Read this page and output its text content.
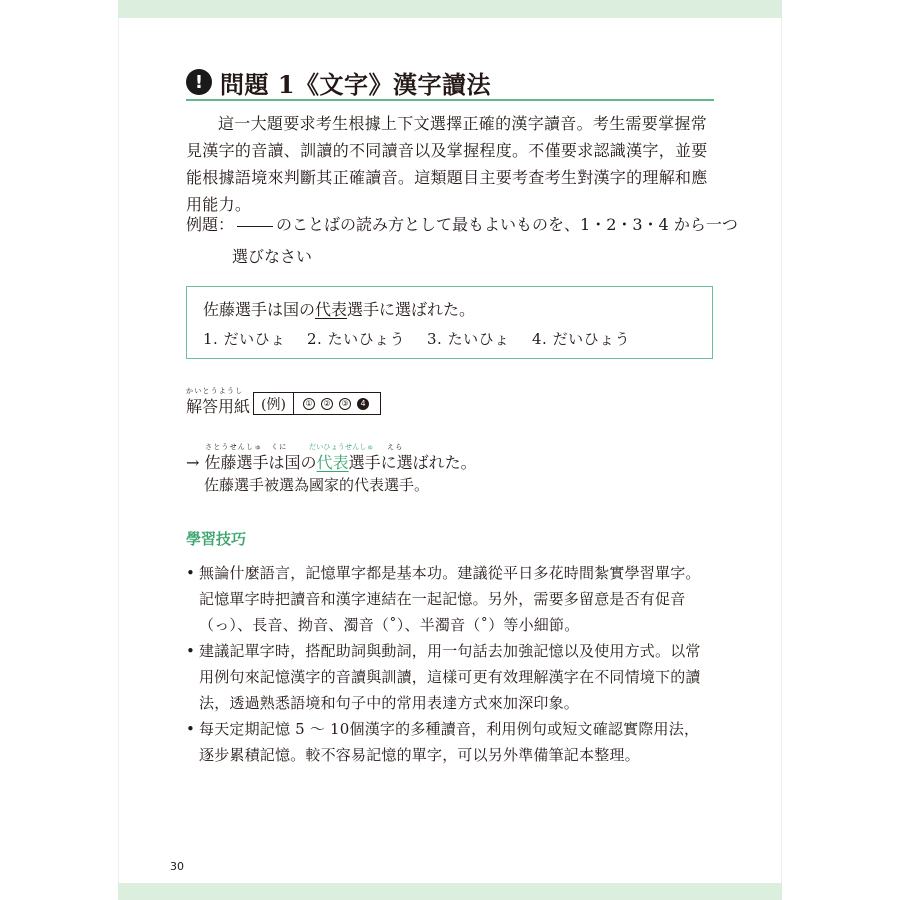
! 問題 1《文字》漢字讀法

這一大題要求考生根據上下文選擇正確的漢字讀音。考生需要掌握常見漢字的音讀、訓讀的不同讀音以及掌握程度。不僅要求認識漢字，並要能根據語境來判斷其正確讀音。這類題目主要考查考生對漢字的理解和應用能力。

例題：	のことばの読み方として最もよいものを、1・2・3・4 から一つ
選びなさい
佐藤選手は国の代表選手に選ばれた。
1. だいひょ 2. たいひょう 3. たいひょ 4. だいひょう
かいとうようし
解答用紙 (例)	①	②	③	4
さとうせんしゅ くに	だいひょうせんしゅ えら
→ 佐藤選手は国の代表選手に選ばれた。
佐藤選手被選為國家的代表選手。
學習技巧
• 無論什麼語言，記憶單字都是基本功。建議從平日多花時間紮實學習單字。記憶單字時把讀音和漢字連結在一起記憶。另外，需要多留意是否有促音（っ）、長音、拗音、濁音（˚）、半濁音（˚）等小細節。
• 建議記單字時，搭配助詞與動詞，用一句話去加強記憶以及使用方式。以常用例句來記憶漢字的音讀與訓讀，這樣可更有效理解漢字在不同情境下的讀法，透過熟悉語境和句子中的常用表達方式來加深印象。
• 每天定期記憶 5 ～ 10個漢字的多種讀音，利用例句或短文確認實際用法，逐步累積記憶。較不容易記憶的單字，可以另外準備筆記本整理。
30
